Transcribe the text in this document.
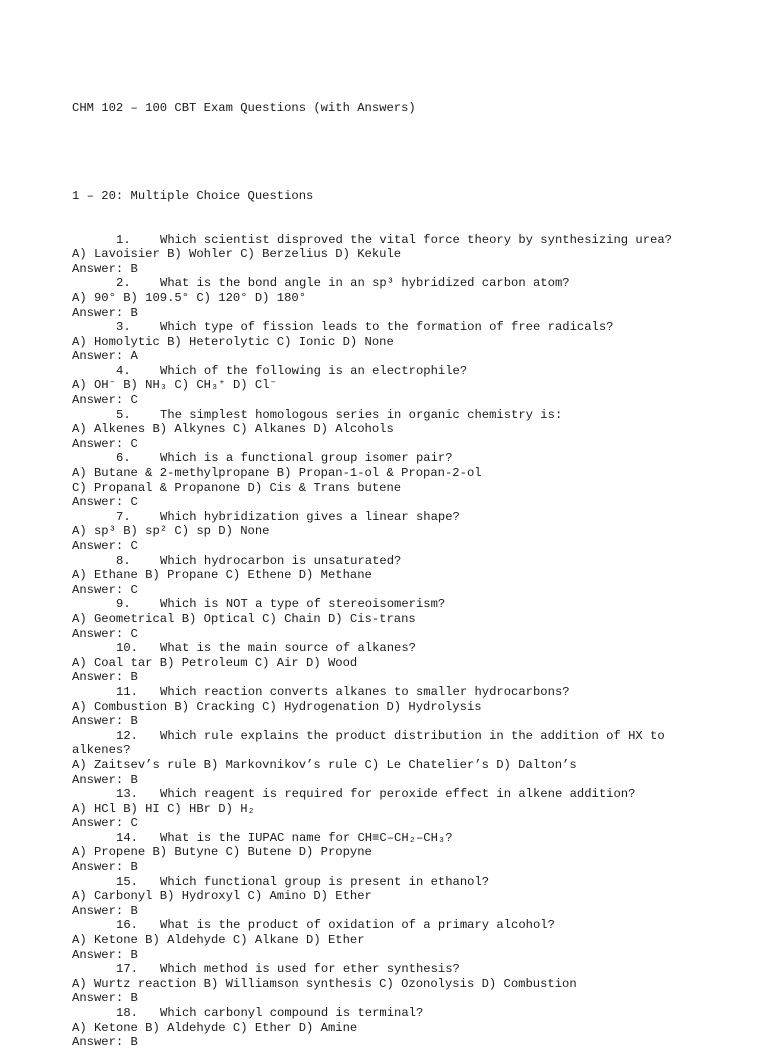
CHM 102 – 100 CBT Exam Questions (with Answers)

1 – 20: Multiple Choice Questions

1. Which scientist disproved the vital force theory by synthesizing urea?
A) Lavoisier B) Wohler C) Berzelius D) Kekule
Answer: B
2. What is the bond angle in an sp³ hybridized carbon atom?
A) 90° B) 109.5° C) 120° D) 180°
Answer: B
3. Which type of fission leads to the formation of free radicals?
A) Homolytic B) Heterolytic C) Ionic D) None
Answer: A
4. Which of the following is an electrophile?
A) OH⁻ B) NH₃ C) CH₃⁺ D) Cl⁻
Answer: C
5. The simplest homologous series in organic chemistry is:
A) Alkenes B) Alkynes C) Alkanes D) Alcohols
Answer: C
6. Which is a functional group isomer pair?
A) Butane & 2-methylpropane B) Propan-1-ol & Propan-2-ol
C) Propanal & Propanone D) Cis & Trans butene
Answer: C
7. Which hybridization gives a linear shape?
A) sp³ B) sp² C) sp D) None
Answer: C
8. Which hydrocarbon is unsaturated?
A) Ethane B) Propane C) Ethene D) Methane
Answer: C
9. Which is NOT a type of stereoisomerism?
A) Geometrical B) Optical C) Chain D) Cis-trans
Answer: C
10. What is the main source of alkanes?
A) Coal tar B) Petroleum C) Air D) Wood
Answer: B
11. Which reaction converts alkanes to smaller hydrocarbons?
A) Combustion B) Cracking C) Hydrogenation D) Hydrolysis
Answer: B
12. Which rule explains the product distribution in the addition of HX to alkenes?
A) Zaitsev’s rule B) Markovnikov’s rule C) Le Chatelier’s D) Dalton’s
Answer: B
13. Which reagent is required for peroxide effect in alkene addition?
A) HCl B) HI C) HBr D) H₂
Answer: C
14. What is the IUPAC name for CH≡C–CH₂–CH₃?
A) Propene B) Butyne C) Butene D) Propyne
Answer: B
15. Which functional group is present in ethanol?
A) Carbonyl B) Hydroxyl C) Amino D) Ether
Answer: B
16. What is the product of oxidation of a primary alcohol?
A) Ketone B) Aldehyde C) Alkane D) Ether
Answer: B
17. Which method is used for ether synthesis?
A) Wurtz reaction B) Williamson synthesis C) Ozonolysis D) Combustion
Answer: B
18. Which carbonyl compound is terminal?
A) Ketone B) Aldehyde C) Ether D) Amine
Answer: B
